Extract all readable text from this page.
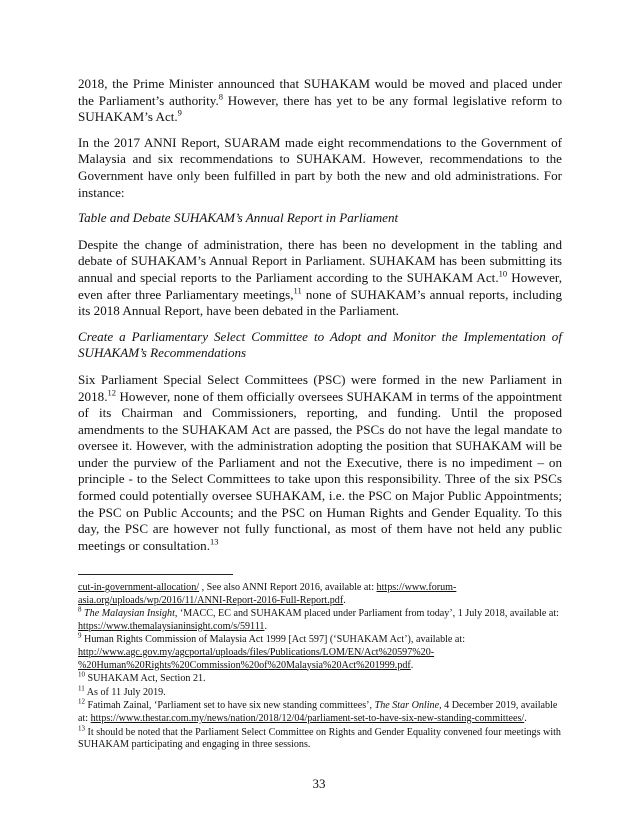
2018, the Prime Minister announced that SUHAKAM would be moved and placed under the Parliament’s authority.$^8$ However, there has yet to be any formal legislative reform to SUHAKAM’s Act.$^9$

In the 2017 ANNI Report, SUARAM made eight recommendations to the Government of Malaysia and six recommendations to SUHAKAM. However, recommendations to the Government have only been fulfilled in part by both the new and old administrations. For instance:

Table and Debate SUHAKAM’s Annual Report in Parliament

Despite the change of administration, there has been no development in the tabling and debate of SUHAKAM’s Annual Report in Parliament. SUHAKAM has been submitting its annual and special reports to the Parliament according to the SUHAKAM Act.$^{10}$ However, even after three Parliamentary meetings,$^{11}$ none of SUHAKAM’s annual reports, including its 2018 Annual Report, have been debated in the Parliament.

Create a Parliamentary Select Committee to Adopt and Monitor the Implementation of SUHAKAM’s Recommendations

Six Parliament Special Select Committees (PSC) were formed in the new Parliament in 2018.12 However, none of them officially oversees SUHAKAM in terms of the appointment of its Chairman and Commissioners, reporting, and funding. Until the proposed amendments to the SUHAKAM Act are passed, the PSCs do not have the legal mandate to oversee it. However, with the administration adopting the position that SUHAKAM will be under the purview of the Parliament and not the Executive, there is no impediment – on principle - to the Select Committees to take upon this responsibility. Three of the six PSCs formed could potentially oversee SUHAKAM, i.e. the PSC on Major Public Appointments; the PSC on Public Accounts; and the PSC on Human Rights and Gender Equality. To this day, the PSC are however not fully functional, as most of them have not held any public meetings or consultation.$^{13}$

cut-in-government-allocation/ , See also ANNI Report 2016, available at: https://www.forum-asia.org/uploads/wp/2016/11/ANNI-Report-2016-Full-Report.pdf.

$^8$ The Malaysian Insight, ‘MACC, EC and SUHAKAM placed under Parliament from today’, 1 July 2018, available at: https://www.themalaysianinsight.com/s/59111.

$^9$ Human Rights Commission of Malaysia Act 1999 [Act 597] (‘SUHAKAM Act’), available at: http://www.agc.gov.my/agcportal/uploads/files/Publications/LOM/EN/Act%20597%20-%20Human%20Rights%20Commission%20of%20Malaysia%20Act%201999.pdf.

$^{10}$ SUHAKAM Act, Section 21.

$^{11}$ As of 11 July 2019.

$^{12}$ Fatimah Zainal, ‘Parliament set to have six new standing committees’, The Star Online, 4 December 2019, available at: https://www.thestar.com.my/news/nation/2018/12/04/parliament-set-to-have-six-new-standing-committees/.

$^{13}$ It should be noted that the Parliament Select Committee on Rights and Gender Equality convened four meetings with SUHAKAM participating and engaging in three sessions.

33
